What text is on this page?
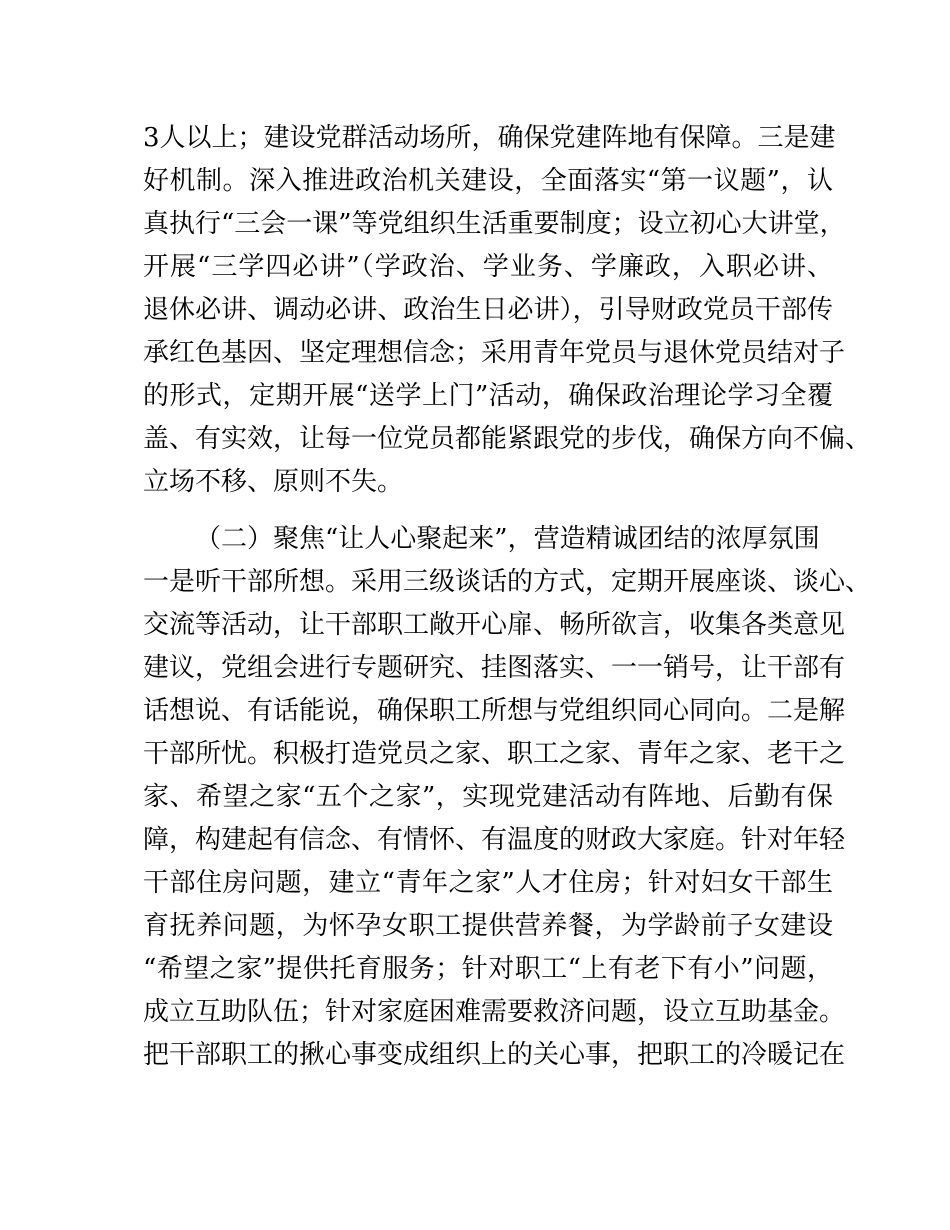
3人以上；建设党群活动场所，确保党建阵地有保障。三是建
好机制。深入推进政治机关建设，全面落实“第一议题”，认
真执行“三会一课”等党组织生活重要制度；设立初心大讲堂，
开展“三学四必讲”（学政治、学业务、学廉政，入职必讲、
退休必讲、调动必讲、政治生日必讲），引导财政党员干部传
承红色基因、坚定理想信念；采用青年党员与退休党员结对子
的形式，定期开展“送学上门”活动，确保政治理论学习全覆
盖、有实效，让每一位党员都能紧跟党的步伐，确保方向不偏、
立场不移、原则不失。
（二）聚焦“让人心聚起来”，营造精诚团结的浓厚氛围
一是听干部所想。采用三级谈话的方式，定期开展座谈、谈心、
交流等活动，让干部职工敞开心扉、畅所欲言，收集各类意见
建议，党组会进行专题研究、挂图落实、一一销号，让干部有
话想说、有话能说，确保职工所想与党组织同心同向。二是解
干部所忧。积极打造党员之家、职工之家、青年之家、老干之
家、希望之家“五个之家”，实现党建活动有阵地、后勤有保
障，构建起有信念、有情怀、有温度的财政大家庭。针对年轻
干部住房问题，建立“青年之家”人才住房；针对妇女干部生
育抚养问题，为怀孕女职工提供营养餐，为学龄前子女建设
“希望之家”提供托育服务；针对职工“上有老下有小”问题，
成立互助队伍；针对家庭困难需要救济问题，设立互助基金。
把干部职工的揪心事变成组织上的关心事，把职工的冷暖记在
